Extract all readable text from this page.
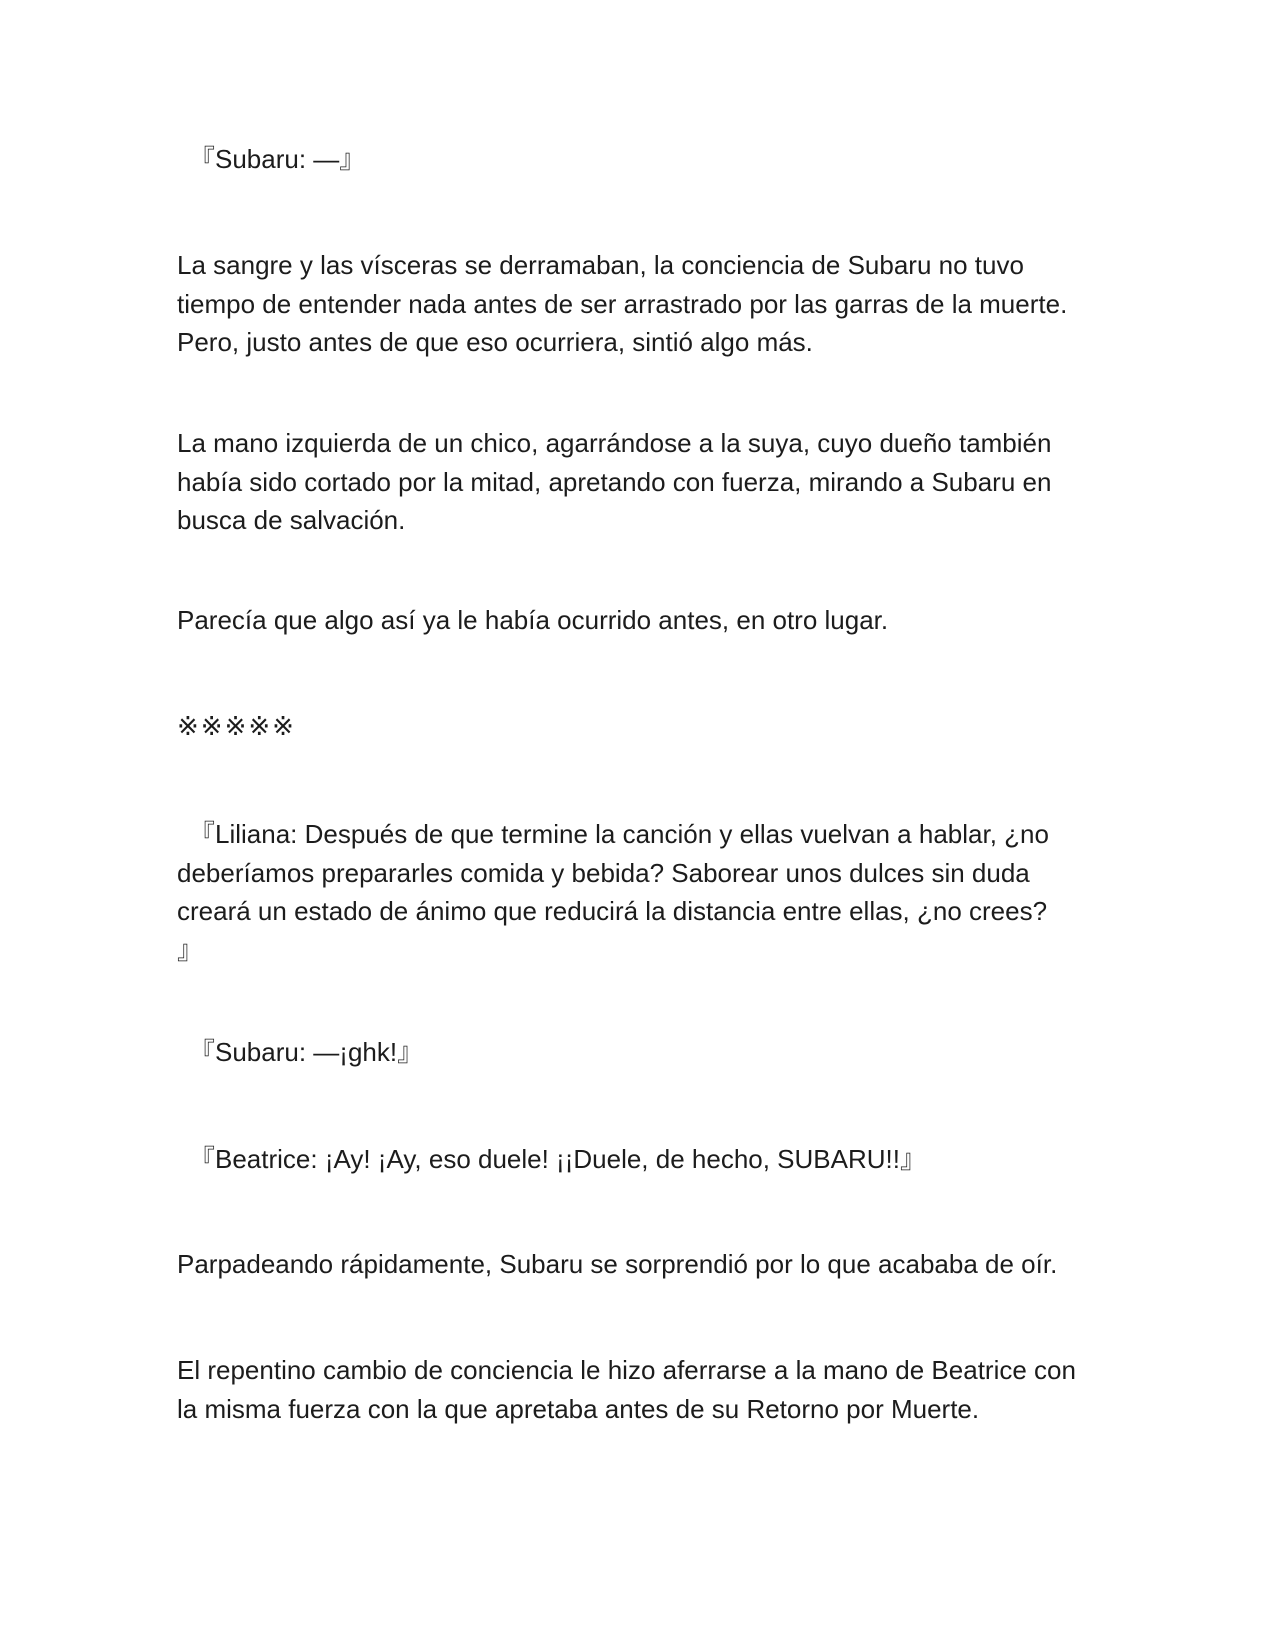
『Subaru: —』

La sangre y las vísceras se derramaban, la conciencia de Subaru no tuvo
tiempo de entender nada antes de ser arrastrado por las garras de la muerte.
Pero, justo antes de que eso ocurriera, sintió algo más.

La mano izquierda de un chico, agarrándose a la suya, cuyo dueño también
había sido cortado por la mitad, apretando con fuerza, mirando a Subaru en
busca de salvación.

Parecía que algo así ya le había ocurrido antes, en otro lugar.

※※※※※

『Liliana: Después de que termine la canción y ellas vuelvan a hablar, ¿no
deberíamos prepararles comida y bebida? Saborear unos dulces sin duda
creará un estado de ánimo que reducirá la distancia entre ellas, ¿no crees?
』

『Subaru: —¡ghk!』

『Beatrice: ¡Ay! ¡Ay, eso duele! ¡¡Duele, de hecho, SUBARU!!』

Parpadeando rápidamente, Subaru se sorprendió por lo que acababa de oír.

El repentino cambio de conciencia le hizo aferrarse a la mano de Beatrice con
la misma fuerza con la que apretaba antes de su Retorno por Muerte.
